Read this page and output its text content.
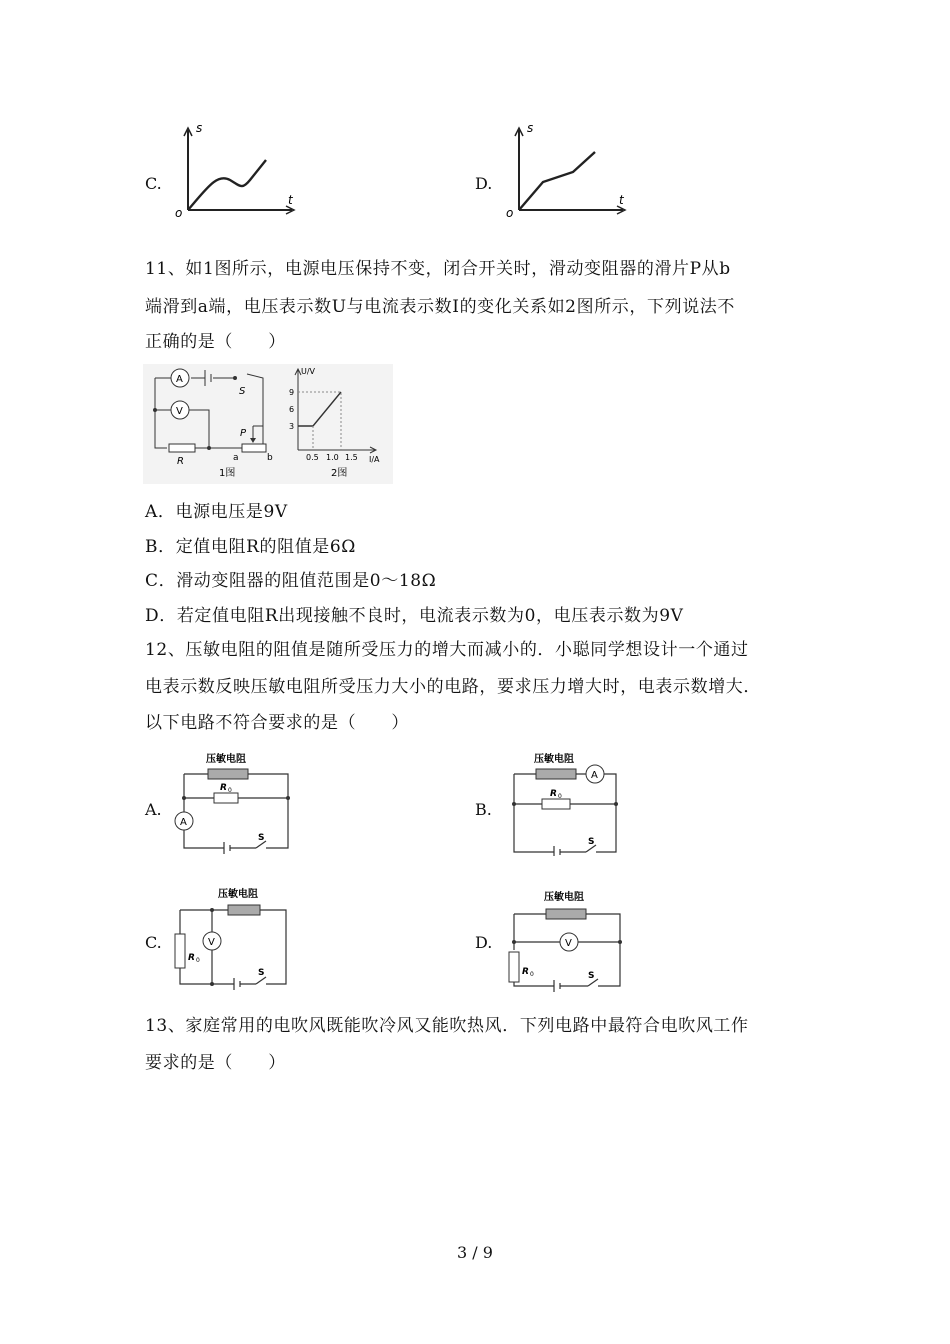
C.
s
t
o
D.
s
t
o
11、如1图所示，电源电压保持不变，闭合开关时，滑动变阻器的滑片P从b
端滑到a端，电压表示数U与电流表示数I的变化关系如2图所示，下列说法不
正确的是（　　）
A
V
S
R
P
a	b
1图
U/V
I/A
9
6
3
0.5 1.0 1.5
2图
A．电源电压是9V
B．定值电阻R的阻值是6Ω
C．滑动变阻器的阻值范围是0～18Ω
D．若定值电阻R出现接触不良时，电流表示数为0，电压表示数为9V
12、压敏电阻的阻值是随所受压力的增大而减小的．小聪同学想设计一个通过
电表示数反映压敏电阻所受压力大小的电路，要求压力增大时，电表示数增大．
以下电路不符合要求的是（　　）
A.
A
压敏电阻
R 0
S
B.
A
压敏电阻
R 0
S
C.	V
压敏电阻
R 0
S
D.	V
压敏电阻
R 0	S
13、家庭常用的电吹风既能吹冷风又能吹热风．下列电路中最符合电吹风工作
要求的是（　　）
3 / 9
